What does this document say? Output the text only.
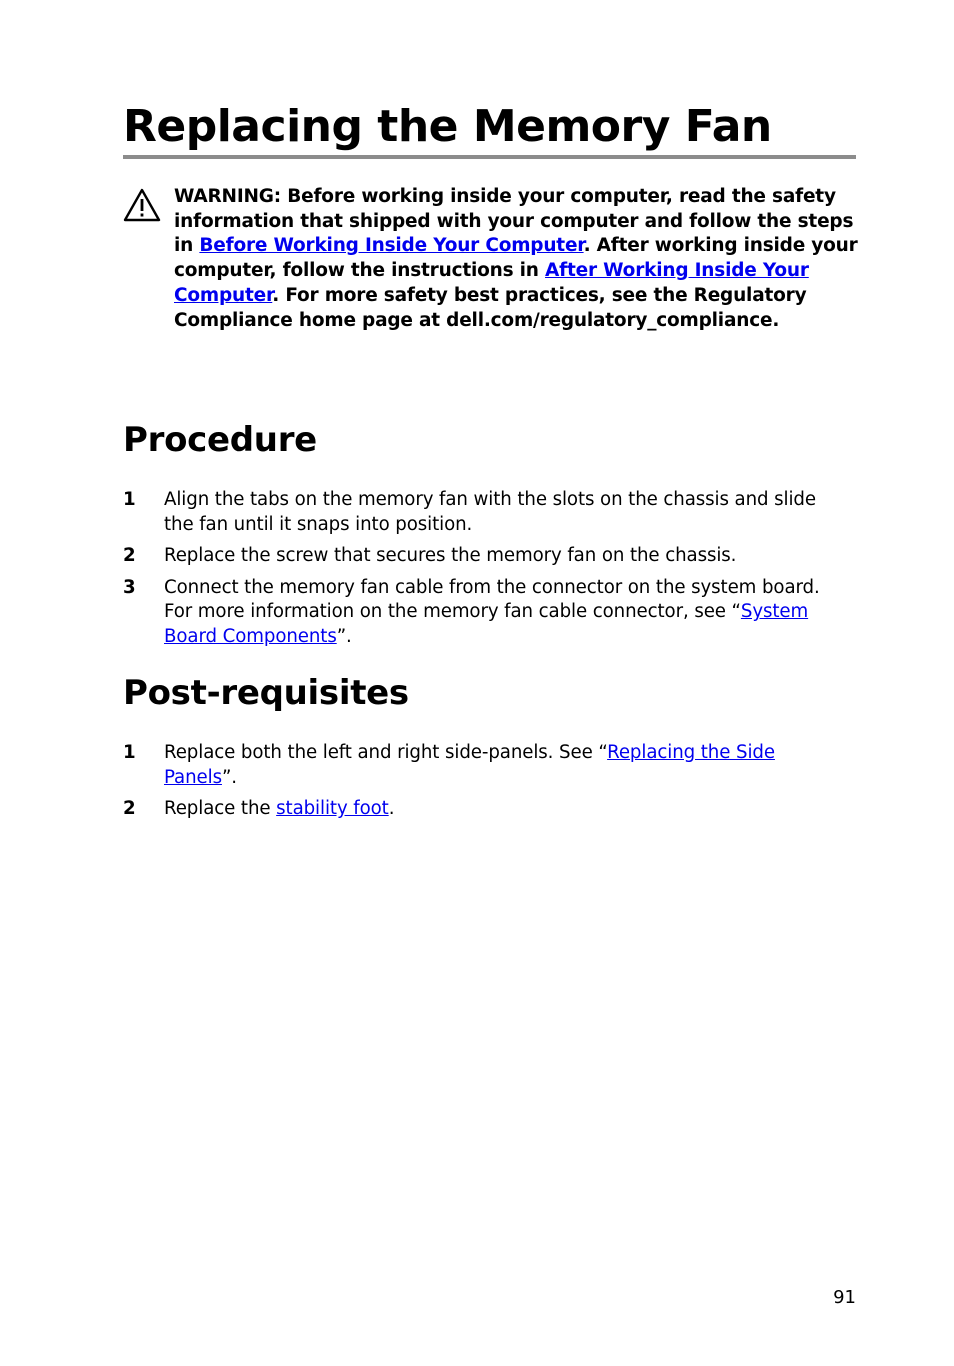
Replacing the Memory Fan

WARNING: Before working inside your computer, read the safety information that shipped with your computer and follow the steps in Before Working Inside Your Computer. After working inside your computer, follow the instructions in After Working Inside Your Computer. For more safety best practices, see the Regulatory Compliance home page at dell.com/regulatory_compliance.

Procedure
1 Align the tabs on the memory fan with the slots on the chassis and slide the fan until it snaps into position.
2 Replace the screw that secures the memory fan on the chassis.
3 Connect the memory fan cable from the connector on the system board. For more information on the memory fan cable connector, see “System Board Components”.
Post-requisites
1 Replace both the left and right side-panels. See “Replacing the Side Panels”.
2 Replace the stability foot.
91
